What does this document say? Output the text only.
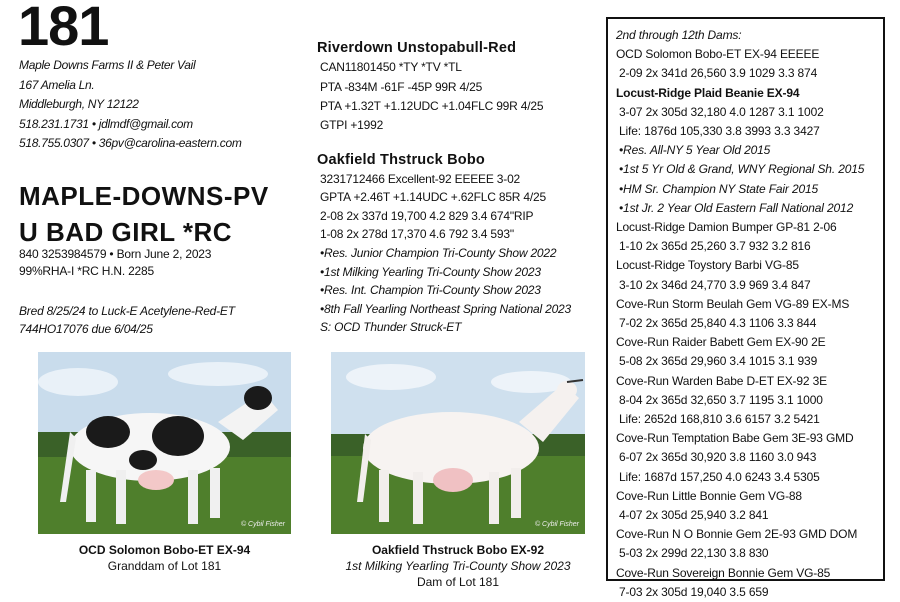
181
Maple Downs Farms II & Peter Vail
167 Amelia Ln.
Middleburgh, NY 12122
518.231.1731 • jdlmdf@gmail.com
518.755.0307 • 36pv@carolina-eastern.com
MAPLE-DOWNS-PV
U BAD GIRL *RC
840 3253984579 • Born June 2, 2023
99%RHA-I *RC H.N. 2285
Bred 8/25/24 to Luck-E Acetylene-Red-ET
744HO17076 due 6/04/25
Riverdown Unstopabull-Red
CAN11801450 *TY *TV *TL
PTA -834M -61F -45P 99R 4/25
PTA +1.32T +1.12UDC +1.04FLC 99R 4/25
GTPI +1992
Oakfield Thstruck Bobo
3231712466 Excellent-92 EEEEE 3-02
GPTA +2.46T +1.14UDC +.62FLC 85R 4/25
2-08 2x 337d 19,700 4.2 829 3.4 674"RIP
1-08 2x 278d 17,370 4.6 792 3.4 593"
•Res. Junior Champion Tri-County Show 2022
•1st Milking Yearling Tri-County Show 2023
•Res. Int. Champion Tri-County Show 2023
•8th Fall Yearling Northeast Spring National 2023
S: OCD Thunder Struck-ET
2nd through 12th Dams:
OCD Solomon Bobo-ET EX-94 EEEEE
2-09 2x 341d 26,560 3.9 1029 3.3 874
Locust-Ridge Plaid Beanie EX-94
3-07 2x 305d 32,180 4.0 1287 3.1 1002
Life: 1876d 105,330 3.8 3993 3.3 3427
•Res. All-NY 5 Year Old 2015
•1st 5 Yr Old & Grand, WNY Regional Sh. 2015
•HM Sr. Champion NY State Fair 2015
•1st Jr. 2 Year Old Eastern Fall National 2012
Locust-Ridge Damion Bumper GP-81 2-06
1-10 2x 365d 25,260 3.7 932 3.2 816
Locust-Ridge Toystory Barbi VG-85
3-10 2x 346d 24,770 3.9 969 3.4 847
Cove-Run Storm Beulah Gem VG-89 EX-MS
7-02 2x 365d 25,840 4.3 1106 3.3 844
Cove-Run Raider Babett Gem EX-90 2E
5-08 2x 365d 29,960 3.4 1015 3.1 939
Cove-Run Warden Babe D-ET EX-92 3E
8-04 2x 365d 32,650 3.7 1195 3.1 1000
Life: 2652d 168,810 3.6 6157 3.2 5421
Cove-Run Temptation Babe Gem 3E-93 GMD
6-07 2x 365d 30,920 3.8 1160 3.0 943
Life: 1687d 157,250 4.0 6243 3.4 5305
Cove-Run Little Bonnie Gem VG-88
4-07 2x 305d 25,940 3.2 841
Cove-Run N O Bonnie Gem 2E-93 GMD DOM
5-03 2x 299d 22,130 3.8 830
Cove-Run Sovereign Bonnie Gem VG-85
7-03 2x 305d 19,040 3.5 659
© Cybil Fisher
OCD Solomon Bobo-ET EX-94
Granddam of Lot 181
© Cybil Fisher
Oakfield Thstruck Bobo EX-92
1st Milking Yearling Tri-County Show 2023
Dam of Lot 181
